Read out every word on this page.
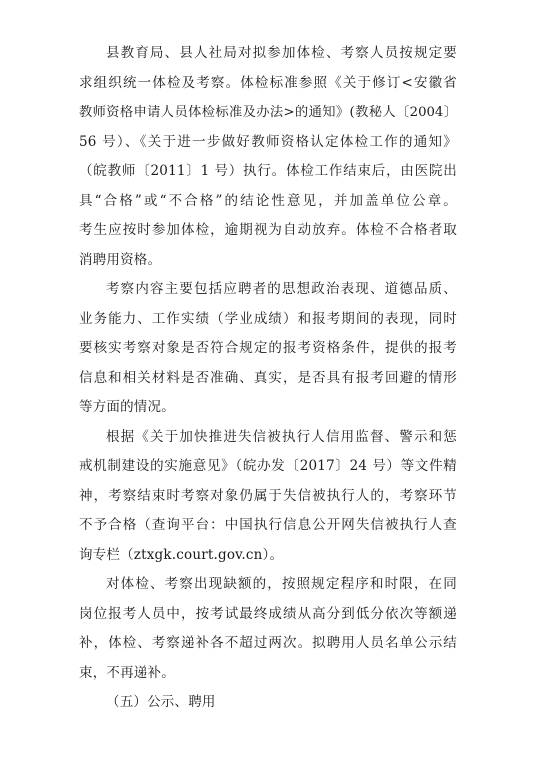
县教育局、县人社局对拟参加体检、考察人员按规定要
求组织统一体检及考察。体检标准参照《关于修订<安徽省
教师资格申请人员体检标准及办法>的通知》(教秘人〔2004〕
56 号）、《关于进一步做好教师资格认定体检工作的通知》
（皖教师〔2011〕1 号）执行。体检工作结束后，由医院出
具“合格”或“不合格”的结论性意见，并加盖单位公章。
考生应按时参加体检，逾期视为自动放弃。体检不合格者取
消聘用资格。
考察内容主要包括应聘者的思想政治表现、道德品质、
业务能力、工作实绩（学业成绩）和报考期间的表现，同时
要核实考察对象是否符合规定的报考资格条件，提供的报考
信息和相关材料是否准确、真实，是否具有报考回避的情形
等方面的情况。
根据《关于加快推进失信被执行人信用监督、警示和惩
戒机制建设的实施意见》（皖办发〔2017〕24 号）等文件精
神，考察结束时考察对象仍属于失信被执行人的，考察环节
不予合格（查询平台：中国执行信息公开网失信被执行人查
询专栏（ztxgk.court.gov.cn）。
对体检、考察出现缺额的，按照规定程序和时限，在同
岗位报考人员中，按考试最终成绩从高分到低分依次等额递
补，体检、考察递补各不超过两次。拟聘用人员名单公示结
束，不再递补。
（五）公示、聘用
